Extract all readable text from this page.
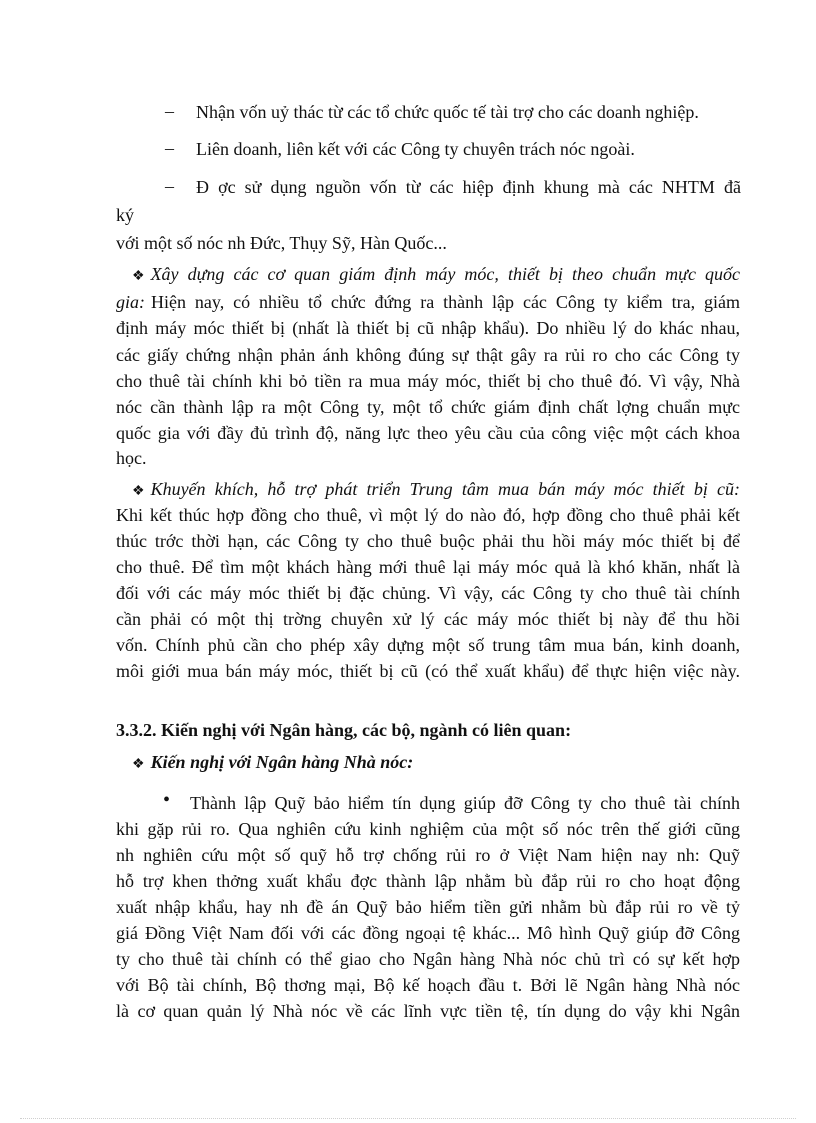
– Nhận vốn uỷ thác từ các tổ chức quốc tế tài trợ cho các doanh nghiệp.
– Liên doanh, liên kết với các Công ty chuyên trách nóc ngoài.
– Đ ợc sử dụng nguồn vốn từ các hiệp định khung mà các NHTM đã
ký
với một số nóc nh Đức, Thụy Sỹ, Hàn Quốc...
❖ Xây dựng các cơ quan giám định máy móc, thiết bị theo chuẩn mực quốc
gia: Hiện nay, có nhiều tổ chức đứng ra thành lập các Công ty kiểm tra, giám
định máy móc thiết bị (nhất là thiết bị cũ nhập khẩu). Do nhiều lý do khác nhau,
các giấy chứng nhận phản ánh không đúng sự thật gây ra rủi ro cho các Công ty
cho thuê tài chính khi bỏ tiền ra mua máy móc, thiết bị cho thuê đó. Vì vậy, Nhà
nóc cần thành lập ra một Công ty, một tổ chức giám định chất lợng chuẩn mực
quốc gia với đầy đủ trình độ, năng lực theo yêu cầu của công việc một cách khoa
học.
❖ Khuyến khích, hỗ trợ phát triển Trung tâm mua bán máy móc thiết bị cũ:
Khi kết thúc hợp đồng cho thuê, vì một lý do nào đó, hợp đồng cho thuê phải kết
thúc trớc thời hạn, các Công ty cho thuê buộc phải thu hồi máy móc thiết bị để
cho thuê. Để tìm một khách hàng mới thuê lại máy móc quả là khó khăn, nhất là
đối với các máy móc thiết bị đặc chủng. Vì vậy, các Công ty cho thuê tài chính
cần phải có một thị trờng chuyên xử lý các máy móc thiết bị này để thu hồi
vốn. Chính phủ cần cho phép xây dựng một số trung tâm mua bán, kinh doanh,
môi giới mua bán máy móc, thiết bị cũ (có thể xuất khẩu) để thực hiện việc này.
3.3.2. Kiến nghị với Ngân hàng, các bộ, ngành có liên quan:
❖ Kiến nghị với Ngân hàng Nhà nóc:
• Thành lập Quỹ bảo hiểm tín dụng giúp đỡ Công ty cho thuê tài chính
khi gặp rủi ro. Qua nghiên cứu kinh nghiệm của một số nóc trên thế giới cũng
nh nghiên cứu một số quỹ hỗ trợ chống rủi ro ở Việt Nam hiện nay nh: Quỹ
hỗ trợ khen thởng xuất khẩu đợc thành lập nhằm bù đắp rủi ro cho hoạt động
xuất nhập khẩu, hay nh đề án Quỹ bảo hiểm tiền gửi nhằm bù đắp rủi ro về tỷ
giá Đồng Việt Nam đối với các đồng ngoại tệ khác... Mô hình Quỹ giúp đỡ Công
ty cho thuê tài chính có thể giao cho Ngân hàng Nhà nóc chủ trì có sự kết hợp
với Bộ tài chính, Bộ thơng mại, Bộ kế hoạch đầu t. Bởi lẽ Ngân hàng Nhà nóc
là cơ quan quản lý Nhà nóc về các lĩnh vực tiền tệ, tín dụng do vậy khi Ngân
